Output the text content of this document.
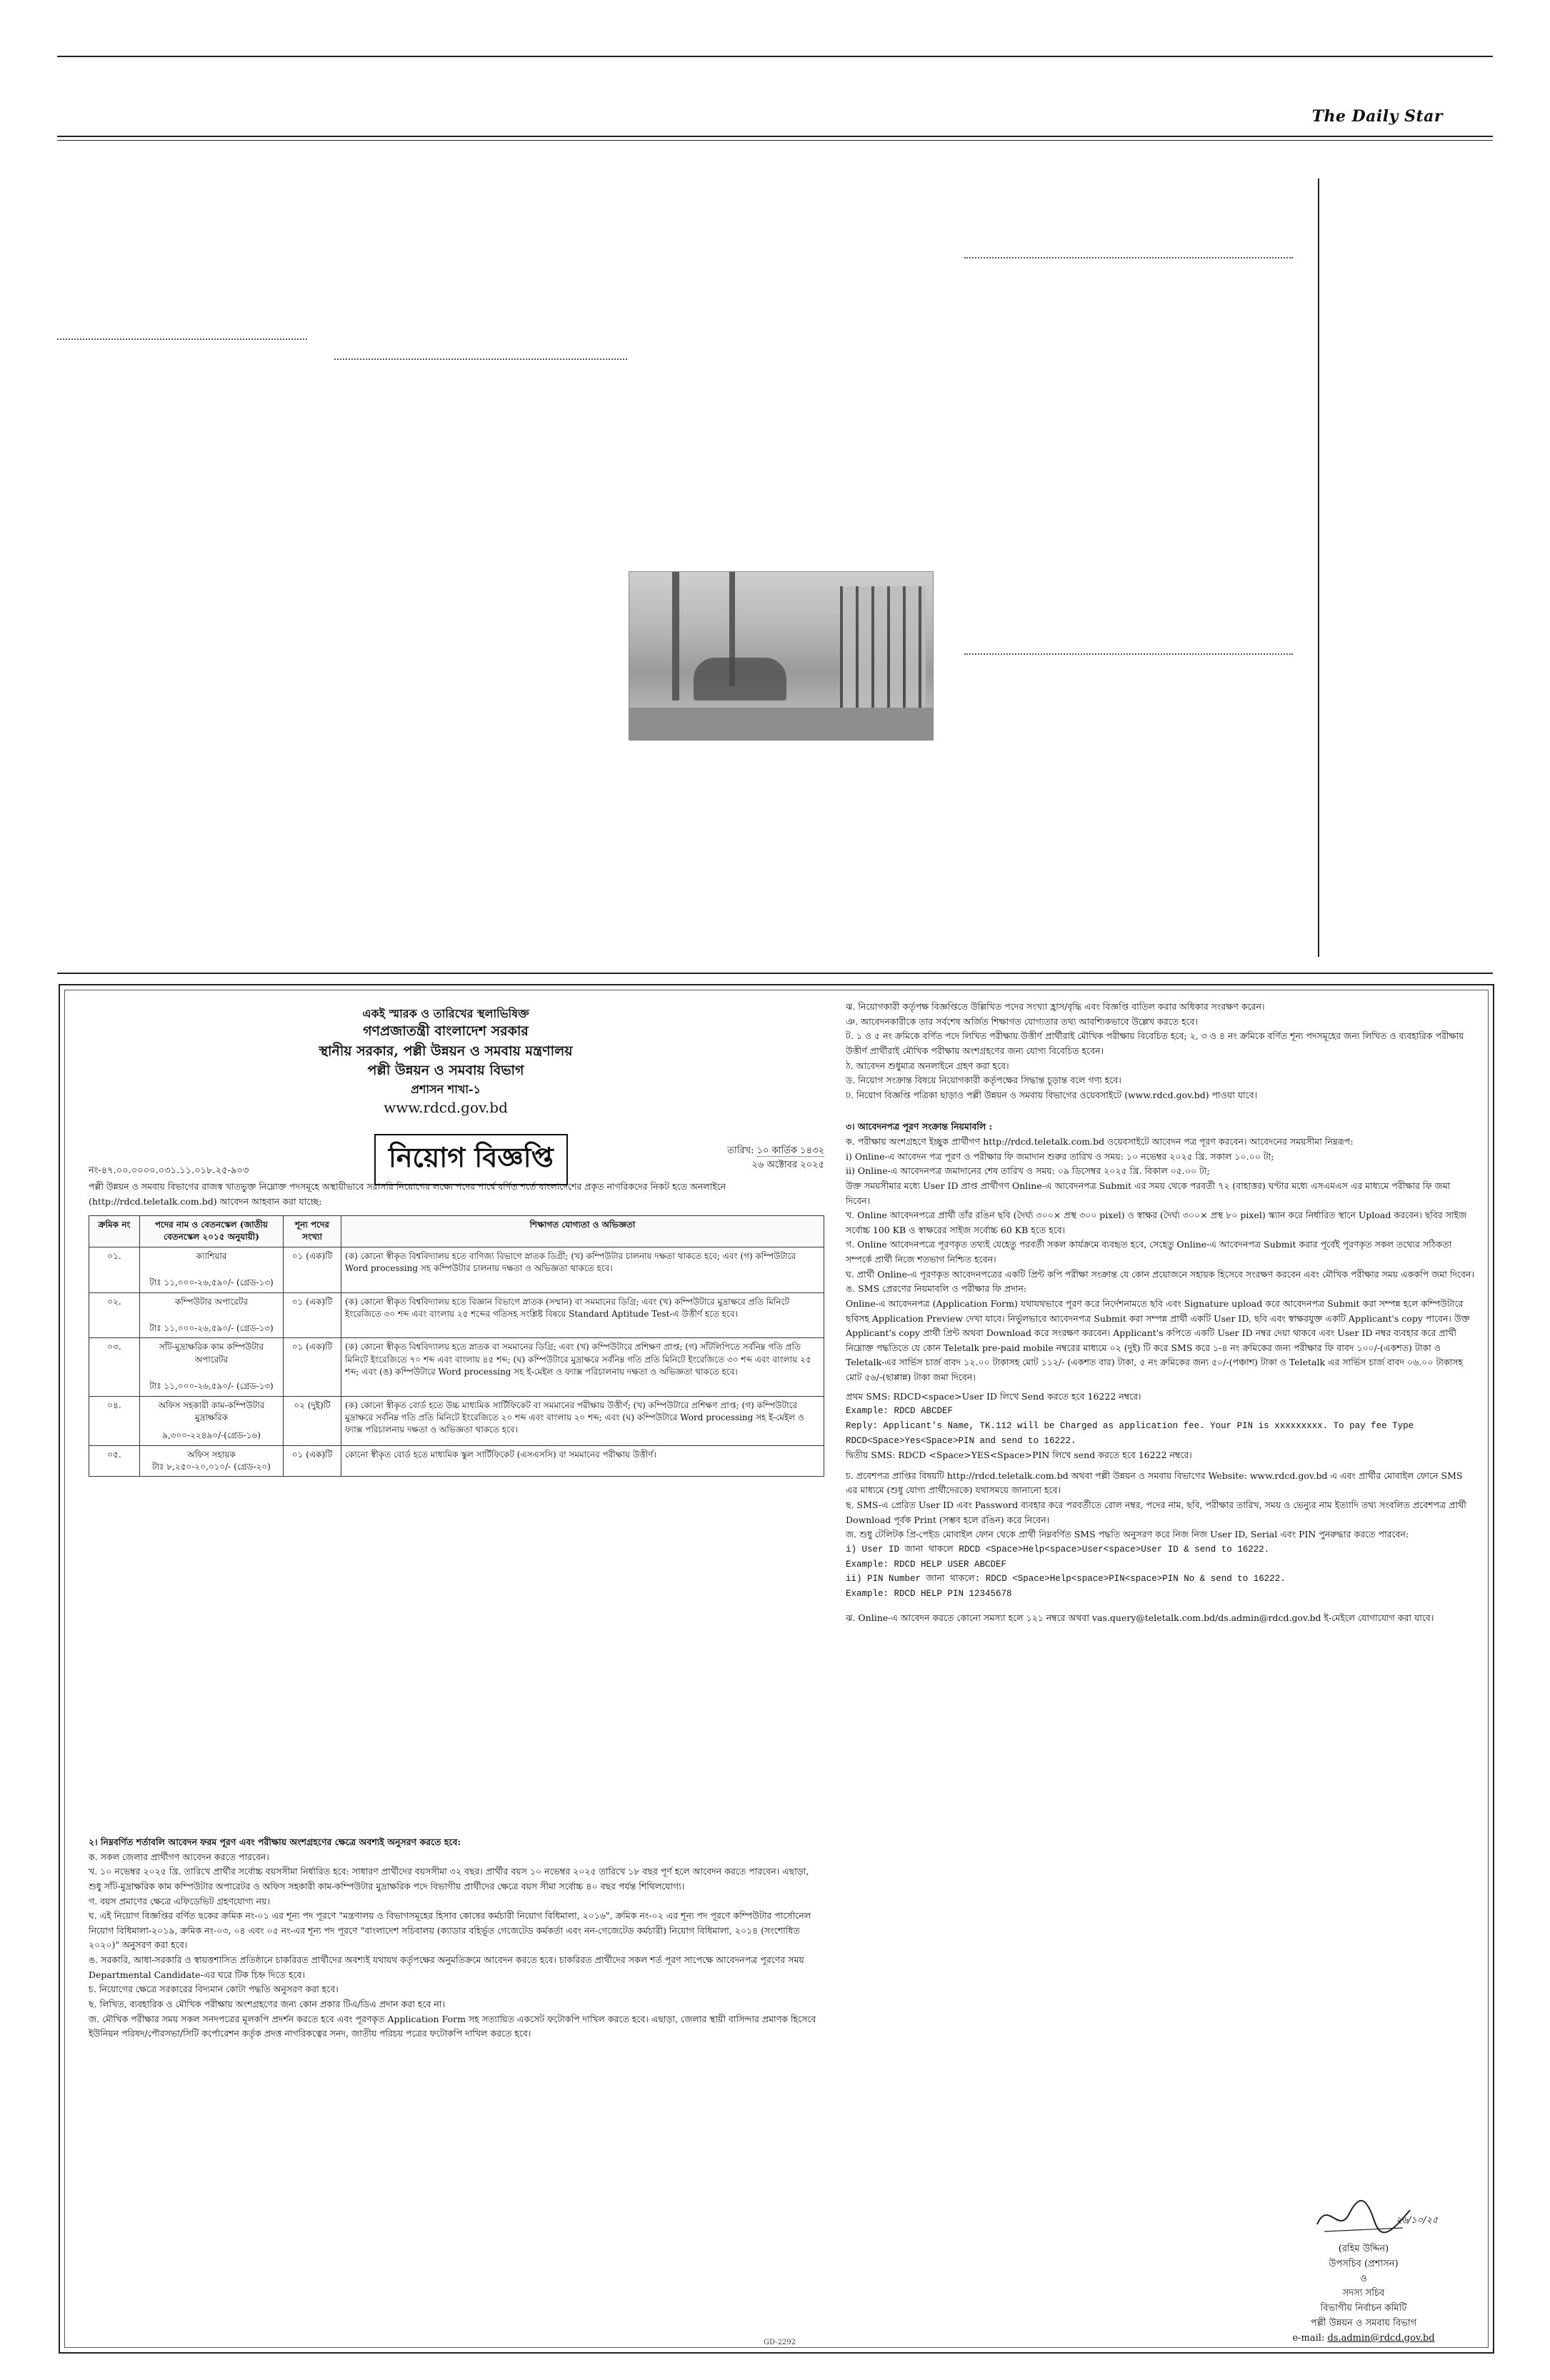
The Daily Star
একই স্মারক ও তারিখের স্থলাভিষিক্ত
গণপ্রজাতন্ত্রী বাংলাদেশ সরকার
স্থানীয় সরকার, পল্লী উন্নয়ন ও সমবায় মন্ত্রণালয়
পল্লী উন্নয়ন ও সমবায় বিভাগ
প্রশাসন শাখা-১
www.rdcd.gov.bd
নং-৪৭.০০.০০০০.০৩১.১১.০১৮.২৫-৯০৩
তারিখ: ১০ কার্তিক ১৪৩২
২৬ অক্টোবর ২০২৫
নিয়োগ বিজ্ঞপ্তি
পল্লী উন্নয়ন ও সমবায় বিভাগের রাজস্ব খাতভুক্ত নিম্নোক্ত পদসমূহে অস্থায়ীভাবে সরাসরি নিয়োগের লক্ষ্যে পদের পার্শ্বে বর্ণিত শর্তে বাংলাদেশের প্রকৃত নাগরিকদের নিকট হতে অনলাইনে (http://rdcd.teletalk.com.bd) আবেদন আহবান করা যাচ্ছে:
ক্রমিক নং	পদের নাম ও বেতনস্কেল (জাতীয় বেতনস্কেল ২০১৫ অনুযায়ী)	শূন্য পদের সংখ্যা	শিক্ষাগত যোগ্যতা ও অভিজ্ঞতা
০১.	ক্যাশিয়ার
টাঃ ১১,০০০-২৬,৫৯০/- (গ্রেড-১৩)	০১ (এক)টি	(ক) কোনো স্বীকৃত বিশ্ববিদ্যালয় হতে বাণিজ্য বিভাগে স্নাতক ডিগ্রী; (খ) কম্পিউটার চালনায় দক্ষতা থাকতে হবে; এবং (গ) কম্পিউটারে Word processing সহ কম্পিউটার চালনায় দক্ষতা ও অভিজ্ঞতা থাকতে হবে।
০২.	কম্পিউটার অপারেটর
টাঃ ১১,০০০-২৬,৫৯০/- (গ্রেড-১৩)	০১ (এক)টি	(ক) কোনো স্বীকৃত বিশ্ববিদ্যালয় হতে বিজ্ঞান বিভাগে স্নাতক (সম্মান) বা সমমানের ডিগ্রি; এবং (খ) কম্পিউটারে মুদ্রাক্ষরে প্রতি মিনিটে ইংরেজিতে ৩০ শব্দ এবং বাংলায় ২৫ শব্দের গতিসহ সংশ্লিষ্ট বিষয়ে Standard Aptitude Test-এ উত্তীর্ণ হতে হবে।
০৩.	সাঁট-মুদ্রাক্ষরিক কাম কম্পিউটার অপারেটর
টাঃ ১১,০০০-২৬,৫৯০/- (গ্রেড-১৩)	০১ (এক)টি	(ক) কোনো স্বীকৃত বিশ্ববিদ্যালয় হতে স্নাতক বা সমমানের ডিগ্রি; এবং (খ) কম্পিউটারে প্রশিক্ষণ প্রাপ্ত; (গ) সাঁটলিপিতে সর্বনিম্ন গতি প্রতি মিনিটে ইংরেজিতে ৭০ শব্দ এবং বাংলায় ৪৫ শব্দ; (ঘ) কম্পিউটারে মুদ্রাক্ষরে সর্বনিম্ন গতি প্রতি মিনিটে ইংরেজিতে ৩০ শব্দ এবং বাংলায় ২৫ শব্দ; এবং (ঙ) কম্পিউটারে Word processing সহ ই-মেইল ও ফ্যাক্স পরিচালনায় দক্ষতা ও অভিজ্ঞতা থাকতে হবে।
০৪.	অফিস সহকারী কাম-কম্পিউটার মুদ্রাক্ষরিক
৯,৩০০-২২৪৯০/-(গ্রেড-১৬)	০২ (দুই)টি	(ক) কোনো স্বীকৃত বোর্ড হতে উচ্চ মাধ্যমিক সার্টিফিকেট বা সমমানের পরীক্ষায় উত্তীর্ণ; (খ) কম্পিউটারে প্রশিক্ষণ প্রাপ্ত; (গ) কম্পিউটারে মুদ্রাক্ষরে সর্বনিম্ন গতি প্রতি মিনিটে ইংরেজিতে ২০ শব্দ এবং বাংলায় ২০ শব্দ; এবং (ঘ) কম্পিউটারে Word processing সহ ই-মেইল ও ফ্যাক্স পরিচালনায় দক্ষতা ও অভিজ্ঞতা থাকতে হবে।
০৫.	অফিস সহায়ক
টাঃ ৮,২৫০-২০,০১০/- (গ্রেড-২০)	০১ (এক)টি	কোনো স্বীকৃত বোর্ড হতে মাধ্যমিক স্কুল সার্টিফিকেট (এসএসসি) বা সমমানের পরীক্ষায় উত্তীর্ণ।
২। নিম্নবর্ণিত শর্তাবলি আবেদন ফরম পূরণ এবং পরীক্ষায় অংশগ্রহণের ক্ষেত্রে অবশ্যই অনুসরণ করতে হবে:
ক. সকল জেলার প্রার্থীগণ আবেদন করতে পারবেন।
খ. ১০ নভেম্বর ২০২৫ খ্রি. তারিখে প্রার্থীর সর্বোচ্চ বয়সসীমা নির্ধারিত হবে: সাধারণ প্রার্থীদের বয়সসীমা ৩২ বছর। প্রার্থীর বয়স ১০ নভেম্বর ২০২৫ তারিখে ১৮ বছর পূর্ণ হলে আবেদন করতে পারবেন। এছাড়া, শুধু সাঁট-মুদ্রাক্ষরিক কাম কম্পিউটার অপারেটর ও অফিস সহকারী কাম-কম্পিউটার মুদ্রাক্ষরিক পদে বিভাগীয় প্রার্থীদের ক্ষেত্রে বয়স সীমা সর্বোচ্চ ৪০ বছর পর্যন্ত শিথিলযোগ্য।
গ. বয়স প্রমাণের ক্ষেত্রে এফিডেভিট গ্রহণযোগ্য নয়।
ঘ. এই নিয়োগ বিজ্ঞপ্তির বর্ণিত ছকের ক্রমিক নং-০১ এর শূন্য পদ পূরণে "মন্ত্রণালয় ও বিভাগসমূহের হিসাব কোষের কর্মচারী নিয়োগ বিধিমালা, ২০১৬", ক্রমিক নং-০২ এর শূন্য পদ পূরণে কম্পিউটার পার্সোনেল নিয়োগ বিধিমালা-২০১৯, ক্রমিক নং-০৩, ০৪ এবং ০৫ নং-এর শূন্য পদ পূরণে "বাংলাদেশ সচিবালয় (ক্যাডার বহির্ভূত গেজেটেড কর্মকর্তা এবং নন-গেজেটেড কর্মচারী) নিয়োগ বিধিমালা, ২০১৪ (সংশোধিত ২০২০)" অনুসরণ করা হবে।
ঙ. সরকারি, আধা-সরকারি ও স্বায়ত্তশাসিত প্রতিষ্ঠানে চাকরিরত প্রার্থীদের অবশ্যই যথাযথ কর্তৃপক্ষের অনুমতিক্রমে আবেদন করতে হবে। চাকরিরত প্রার্থীদের সকল শর্ত পূরণ সাপেক্ষে আবেদনপত্র পূরণের সময় Departmental Candidate-এর ঘরে টিক চিহ্ন দিতে হবে।
চ. নিয়োগের ক্ষেত্রে সরকারের বিদ্যমান কোটা পদ্ধতি অনুসরণ করা হবে।
ছ. লিখিত, ব্যবহারিক ও মৌখিক পরীক্ষায় অংশগ্রহণের জন্য কোন প্রকার টিএ/ডিএ প্রদান করা হবে না।
জ. মৌখিক পরীক্ষার সময় সকল সনদপত্রের মূলকপি প্রদর্শন করতে হবে এবং পূরণকৃত Application Form সহ সত্যায়িত একসেট ফটোকপি দাখিল করতে হবে। এছাড়া, জেলার স্থায়ী বাসিন্দার প্রমাণক হিসেবে ইউনিয়ন পরিষদ/পৌরসভা/সিটি কর্পোরেশন কর্তৃক প্রদত্ত নাগরিকত্বের সনদ, জাতীয় পরিচয় পত্রের ফটোকপি দাখিল করতে হবে।
ঝ. নিয়োগকারী কর্তৃপক্ষ বিজ্ঞপ্তিতে উল্লিখিত পদের সংখ্যা হ্রাস/বৃদ্ধি এবং বিজ্ঞপ্তি বাতিল করার অধিকার সংরক্ষণ করেন।
ঞ. আবেদনকারীকে তার সর্বশেষ অর্জিত শিক্ষাগত যোগ্যতার তথ্য আবশ্যিকভাবে উল্লেখ করতে হবে।
ট. ১ ও ৫ নং ক্রমিকে বর্ণিত পদে লিখিত পরীক্ষায় উত্তীর্ণ প্রার্থীরাই মৌখিক পরীক্ষায় বিবেচিত হবে; ২, ৩ ও ৪ নং ক্রমিকে বর্ণিত শূন্য পদসমূহের জন্য লিখিত ও ব্যবহারিক পরীক্ষায় উত্তীর্ণ প্রার্থীরাই মৌখিক পরীক্ষায় অংশগ্রহণের জন্য যোগ্য বিবেচিত হবেন।
ঠ. আবেদন শুধুমাত্র অনলাইনে গ্রহণ করা হবে।
ড. নিয়োগ সংক্রান্ত বিষয়ে নিয়োগকারী কর্তৃপক্ষের সিদ্ধান্ত চূড়ান্ত বলে গণ্য হবে।
ঢ. নিয়োগ বিজ্ঞপ্তি পত্রিকা ছাড়াও পল্লী উন্নয়ন ও সমবায় বিভাগের ওয়েবসাইটে (www.rdcd.gov.bd) পাওয়া যাবে।
৩। আবেদনপত্র পূরণ সংক্রান্ত নিয়মাবলি :
ক. পরীক্ষায় অংশগ্রহণে ইচ্ছুক প্রার্থীগণ http://rdcd.teletalk.com.bd ওয়েবসাইটে আবেদন পত্র পূরণ করবেন। আবেদনের সময়সীমা নিম্নরূপ:
i) Online-এ আবেদন পত্র পূরণ ও পরীক্ষার ফি জমাদান শুরুর তারিখ ও সময়: ১০ নভেম্বর ২০২৫ খ্রি. সকাল ১০.০০ টা;
ii) Online-এ আবেদনপত্র জমাদানের শেষ তারিখ ও সময়: ০৯ ডিসেম্বর ২০২৫ খ্রি. বিকাল ০৫.০০ টা;
উক্ত সময়সীমার মধ্যে User ID প্রাপ্ত প্রার্থীগণ Online-এ আবেদনপত্র Submit এর সময় থেকে পরবর্তী ৭২ (বাহাত্তর) ঘণ্টার মধ্যে এসএমএস এর মাধ্যমে পরীক্ষার ফি জমা দিবেন।
খ. Online আবেদনপত্রে প্রার্থী তাঁর রঙিন ছবি (দৈর্ঘ্য ৩০০× প্রস্থ ৩০০ pixel) ও স্বাক্ষর (দৈর্ঘ্য ৩০০× প্রস্থ ৮০ pixel) স্ক্যান করে নির্ধারিত স্থানে Upload করবেন। ছবির সাইজ সর্বোচ্চ 100 KB ও স্বাক্ষরের সাইজ সর্বোচ্চ 60 KB হতে হবে।
গ. Online আবেদনপত্রে পূরণকৃত তথ্যই যেহেতু পরবর্তী সকল কার্যক্রমে ব্যবহৃত হবে, সেহেতু Online-এ আবেদনপত্র Submit করার পূর্বেই পূরণকৃত সকল তথ্যের সঠিকতা সম্পর্কে প্রার্থী নিজে শতভাগ নিশ্চিত হবেন।
ঘ. প্রার্থী Online-এ পূরণকৃত আবেদনপত্রের একটি প্রিন্ট কপি পরীক্ষা সংক্রান্ত যে কোন প্রয়োজনে সহায়ক হিসেবে সংরক্ষণ করবেন এবং মৌখিক পরীক্ষার সময় এককপি জমা দিবেন।
ঙ. SMS প্রেরণের নিয়মাবলি ও পরীক্ষার ফি প্রদান:
Online-এ আবেদনপত্র (Application Form) যথাযথভাবে পূরণ করে নির্দেশনামতে ছবি এবং Signature upload করে আবেদনপত্র Submit করা সম্পন্ন হলে কম্পিউটারে ছবিসহ Application Preview দেখা যাবে। নির্ভুলভাবে আবেদনপত্র Submit করা সম্পন্ন প্রার্থী একটি User ID, ছবি এবং স্বাক্ষরযুক্ত একটি Applicant's copy পাবেন। উক্ত Applicant's copy প্রার্থী প্রিন্ট অথবা Download করে সংরক্ষণ করবেন। Applicant's কপিতে একটি User ID নম্বর দেয়া থাকবে এবং User ID নম্বর ব্যবহার করে প্রার্থী নিম্নোক্ত পদ্ধতিতে যে কোন Teletalk pre-paid mobile নম্বরের মাধ্যমে ০২ (দুই) টি করে SMS করে ১-৪ নং ক্রমিকের জন্য পরীক্ষার ফি বাবদ ১০০/-(একশত) টাকা ও Teletalk-এর সার্ভিস চার্জ বাবদ ১২.০০ টাকাসহ মোট ১১২/- (একশত বার) টাকা, ৫ নং ক্রমিকের জন্য ৫০/-(পঞ্চাশ) টাকা ও Teletalk এর সার্ভিস চার্জ বাবদ ০৬.০০ টাকাসহ মোট ৫৬/-(ছাপ্পান্ন) টাকা জমা দিবেন।
প্রথম SMS: RDCD<space>User ID লিখে Send করতে হবে 16222 নম্বরে।
Example: RDCD ABCDEF
Reply: Applicant's Name, TK.112 will be Charged as application fee. Your PIN is xxxxxxxxx. To pay fee Type RDCD<Space>Yes<Space>PIN and send to 16222.
দ্বিতীয় SMS: RDCD <Space>YES<Space>PIN লিখে send করতে হবে 16222 নম্বরে।
চ. প্রবেশপত্র প্রাপ্তির বিষয়টি http://rdcd.teletalk.com.bd অথবা পল্লী উন্নয়ন ও সমবায় বিভাগের Website: www.rdcd.gov.bd এ এবং প্রার্থীর মোবাইল ফোনে SMS এর মাধ্যমে (শুধু যোগ্য প্রার্থীদেরকে) যথাসময়ে জানানো হবে।
ছ. SMS-এ প্রেরিত User ID এবং Password ব্যবহার করে পরবর্তীতে রোল নম্বর, পদের নাম, ছবি, পরীক্ষার তারিখ, সময় ও ভেন্যুর নাম ইত্যাদি তথ্য সংবলিত প্রবেশপত্র প্রার্থী Download পূর্বক Print (সম্ভব হলে রঙিন) করে নিবেন।
জ. শুধু টেলিটক প্রি-পেইড মোবাইল ফোন থেকে প্রার্থী নিম্নবর্ণিত SMS পদ্ধতি অনুসরণ করে নিজ নিজ User ID, Serial এবং PIN পুনরুদ্ধার করতে পারবেন:
i) User ID জানা থাকলে RDCD <Space>Help<space>User<space>User ID & send to 16222.
Example: RDCD HELP USER ABCDEF
ii) PIN Number জানা থাকলে: RDCD <Space>Help<space>PIN<space>PIN No & send to 16222.
Example: RDCD HELP PIN 12345678
ঝ. Online-এ আবেদন করতে কোনো সমস্যা হলে ১২১ নম্বরে অথবা vas.query@teletalk.com.bd/ds.admin@rdcd.gov.bd ই-মেইলে যোগাযোগ করা যাবে।
২৬/১০/২৫
(রহিম উদ্দিন)
উপসচিব (প্রশাসন)
ও
সদস্য সচিব
বিভাগীয় নির্বাচন কমিটি
পল্লী উন্নয়ন ও সমবায় বিভাগ
e-mail: ds.admin@rdcd.gov.bd
GD-2292
